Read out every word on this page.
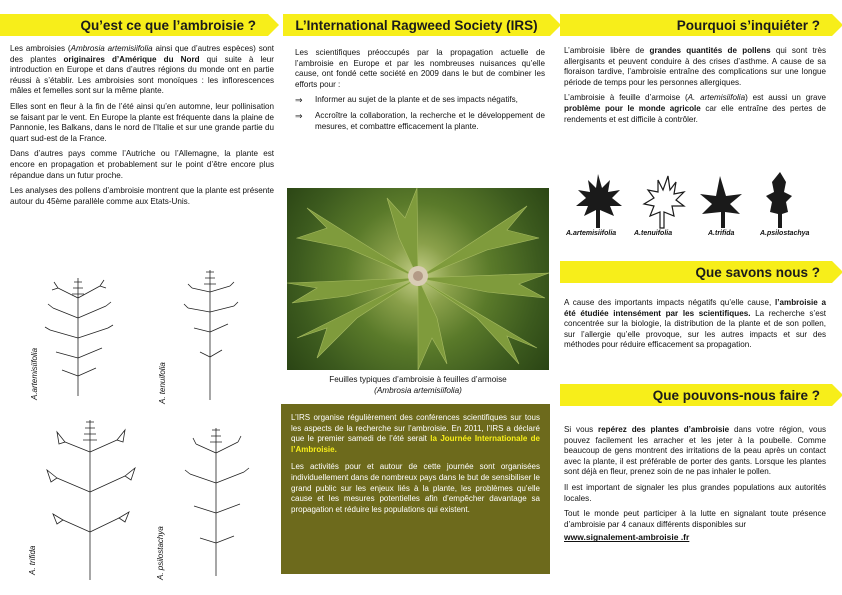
Qu’est ce que l’ambroisie ?

Les ambroisies (Ambrosia artemisiifolia ainsi que d’autres espèces) sont des plantes originaires d’Amérique du Nord qui suite à leur introduction en Europe et dans d’autres régions du monde ont en partie réussi à s’établir. Les ambroisies sont monoïques : les inflorescences mâles et femelles sont sur la même plante.

Elles sont en fleur à la fin de l’été ainsi qu’en automne, leur pollinisation se faisant par le vent. En Europe la plante est fréquente dans la plaine de Pannonie, les Balkans, dans le nord de l’Italie et sur une grande partie du quart sud-est de la France.

Dans d’autres pays comme l’Autriche ou l’Allemagne, la plante est encore en propagation et probablement sur le point d’être encore plus répandue dans un futur proche.

Les analyses des pollens d’ambroisie montrent que la plante est présente autour du 45ème parallèle comme aux Etats-Unis.

A.artemisiifolia	A. tenuifolia
A. trifida	A. psilostachya
L’International Ragweed Society (IRS)

Les scientifiques préoccupés par la propagation actuelle de l’ambroisie en Europe et par les nombreuses nuisances qu’elle cause, ont fondé cette société en 2009 dans le but de combiner les efforts pour :

⇒	Informer au sujet de la plante et de ses impacts négatifs,
⇒	Accroître la collaboration, la recherche et le développement de mesures, et combattre efficacement la plante.
Feuilles typiques d’ambroisie à feuilles d’armoise
(Ambrosia artemisiifolia)

L’IRS organise régulièrement des conférences scientifiques sur tous les aspects de la recherche sur l’ambroisie. En 2011, l’IRS a déclaré que le premier samedi de l’été serait la Journée Internationale de l’Ambroisie.

Les activités pour et autour de cette journée sont organisées individuellement dans de nombreux pays dans le but de sensibiliser le grand public sur les enjeux liés à la plante, les problèmes qu’elle cause et les mesures potentielles afin d’empêcher davantage sa propagation et réduire les populations qui existent.

Pourquoi s’inquiéter ?

L’ambroisie libère de grandes quantités de pollens qui sont très allergisants et peuvent conduire à des crises d’asthme. A cause de sa floraison tardive, l’ambroisie entraîne des complications sur une longue période de temps pour les personnes allergiques.

L’ambroisie à feuille d’armoise (A. artemisiifolia) est aussi un grave problème pour le monde agricole car elle entraîne des pertes de rendements et est difficile à contrôler.

A.artemisiifolia	A.tenuifolia	A.trifida	A.psilostachya
Que savons nous ?

A cause des importants impacts négatifs qu’elle cause, l’ambroisie a été étudiée intensément par les scientifiques. La recherche s’est concentrée sur la biologie, la distribution de la plante et de son pollen, sur l’allergie qu’elle provoque, sur les autres impacts et sur des méthodes pour réduire efficacement sa propagation.

Que pouvons-nous faire ?

Si vous repérez des plantes d’ambroisie dans votre région, vous pouvez facilement les arracher et les jeter à la poubelle. Comme beaucoup de gens montrent des irritations de la peau après un contact avec la plante, il est préférable de porter des gants. Lorsque les plantes sont déjà en fleur, prenez soin de ne pas inhaler le pollen.

Il est important de signaler les plus grandes populations aux autorités locales.

Tout le monde peut participer à la lutte en signalant toute présence d’ambroisie par 4 canaux différents disponibles sur

www.signalement-ambroisie .fr
